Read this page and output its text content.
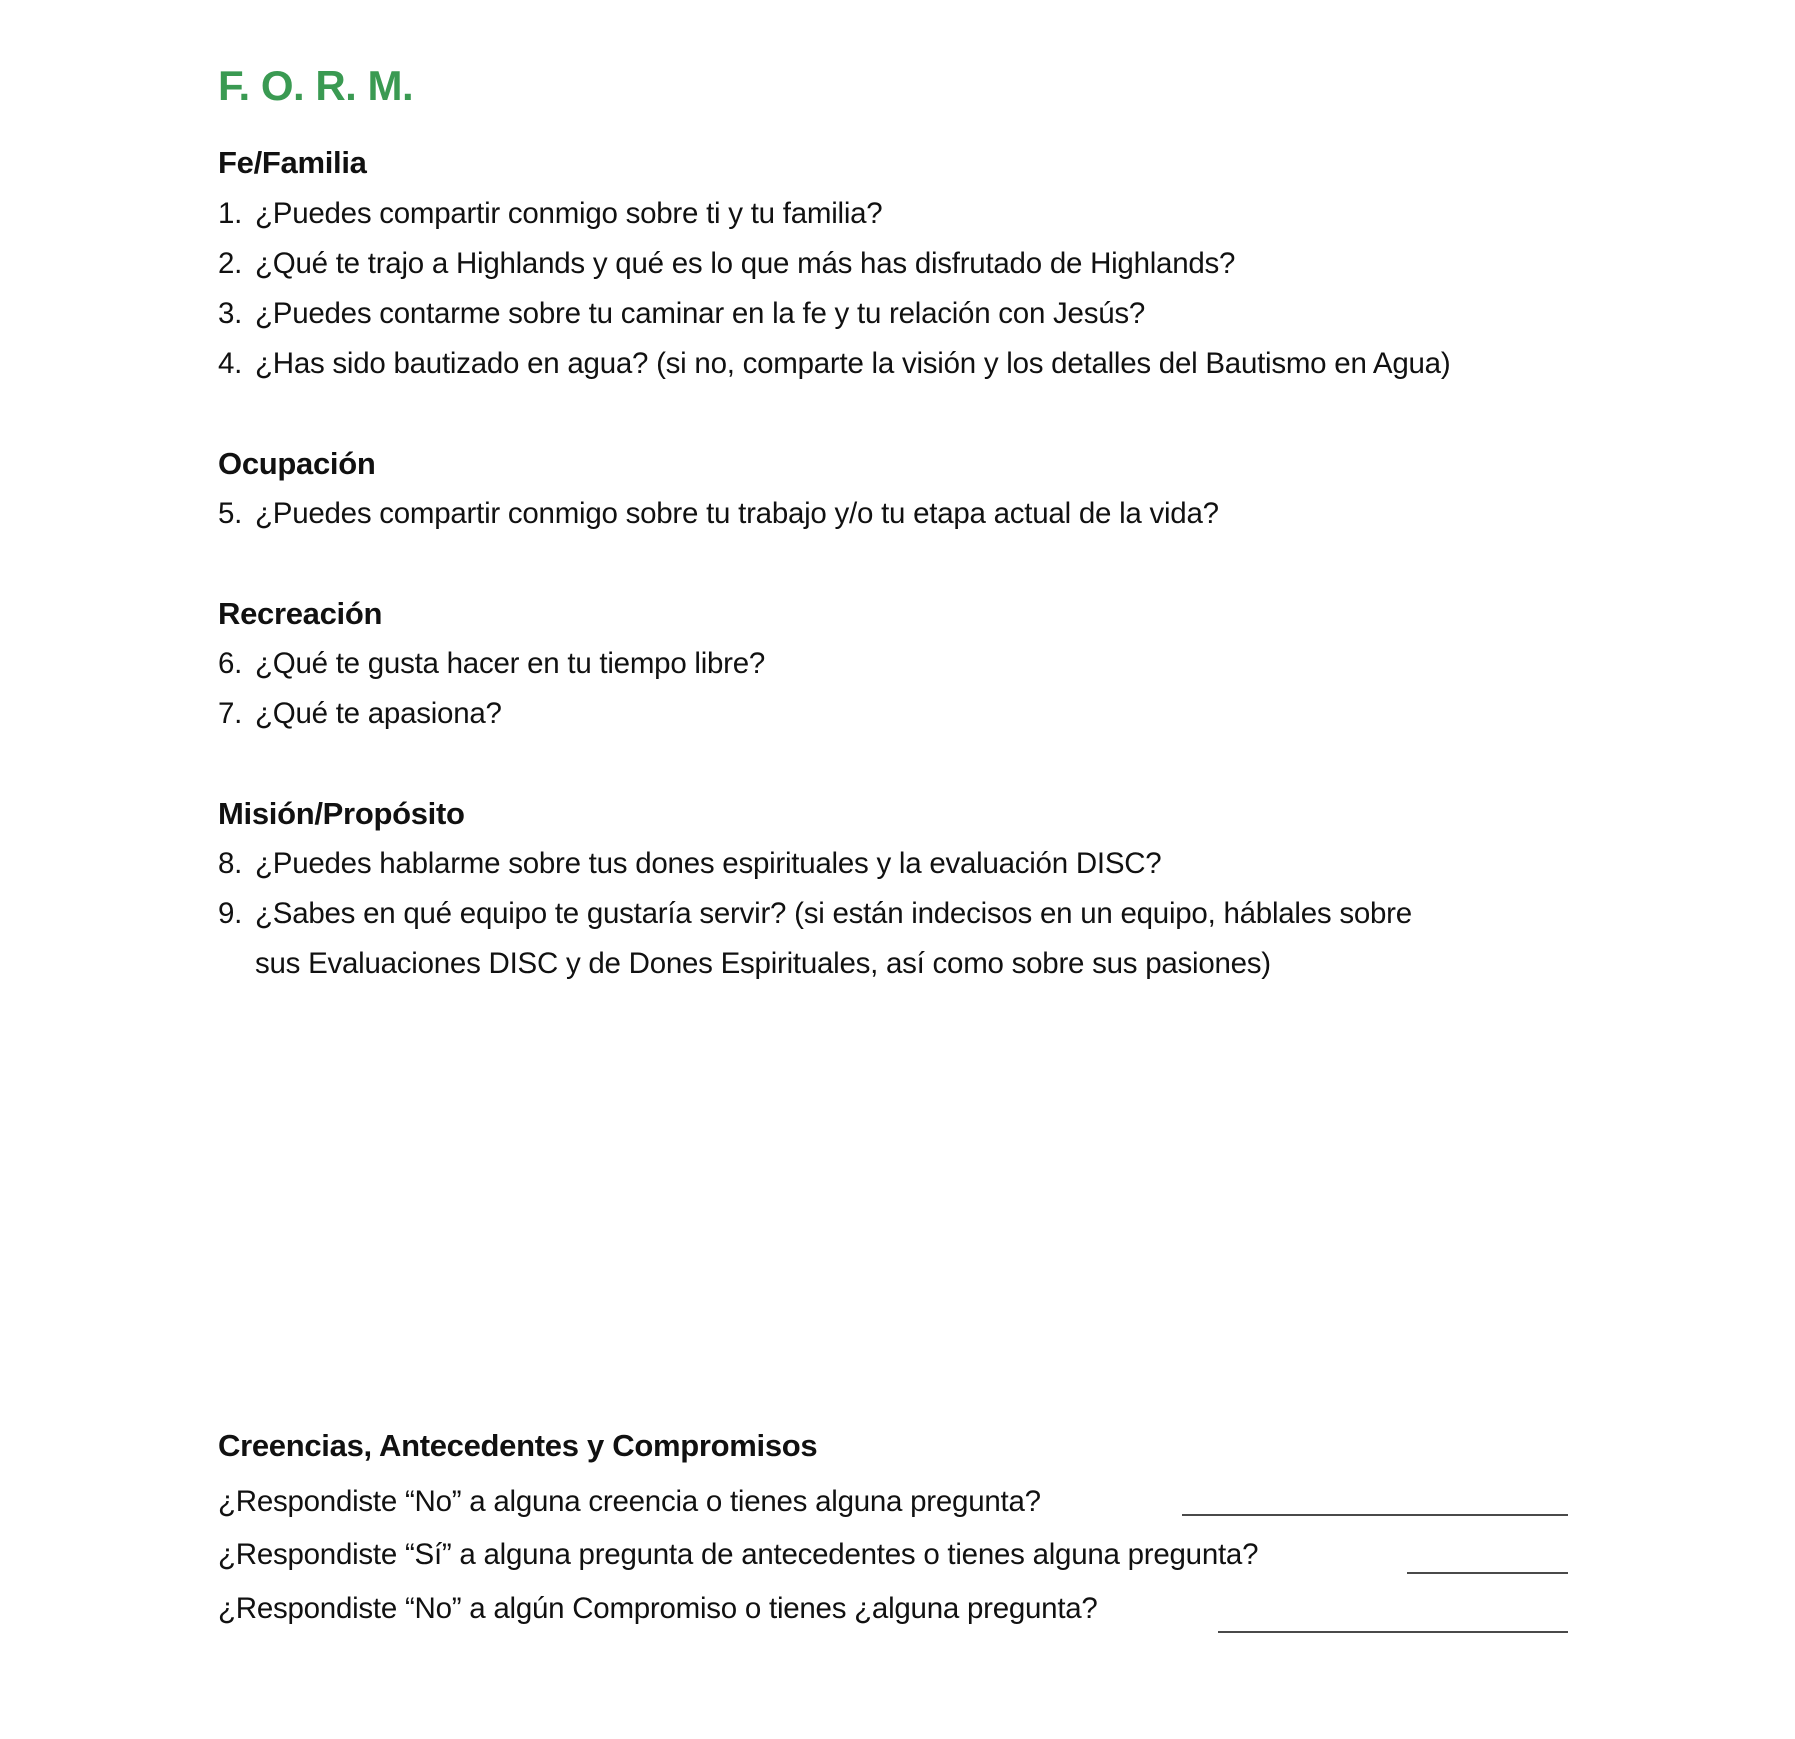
F. O. R. M.
Fe/Familia
1. ¿Puedes compartir conmigo sobre ti y tu familia?
2. ¿Qué te trajo a Highlands y qué es lo que más has disfrutado de Highlands?
3. ¿Puedes contarme sobre tu caminar en la fe y tu relación con Jesús?
4. ¿Has sido bautizado en agua? (si no, comparte la visión y los detalles del Bautismo en Agua)
Ocupación
5. ¿Puedes compartir conmigo sobre tu trabajo y/o tu etapa actual de la vida?
Recreación
6. ¿Qué te gusta hacer en tu tiempo libre?
7. ¿Qué te apasiona?
Misión/Propósito
8. ¿Puedes hablarme sobre tus dones espirituales y la evaluación DISC?
9. ¿Sabes en qué equipo te gustaría servir? (si están indecisos en un equipo, háblales sobre
sus Evaluaciones DISC y de Dones Espirituales, así como sobre sus pasiones)
Creencias, Antecedentes y Compromisos
¿Respondiste “No” a alguna creencia o tienes alguna pregunta?
¿Respondiste “Sí” a alguna pregunta de antecedentes o tienes alguna pregunta?
¿Respondiste “No” a algún Compromiso o tienes ¿alguna pregunta?
